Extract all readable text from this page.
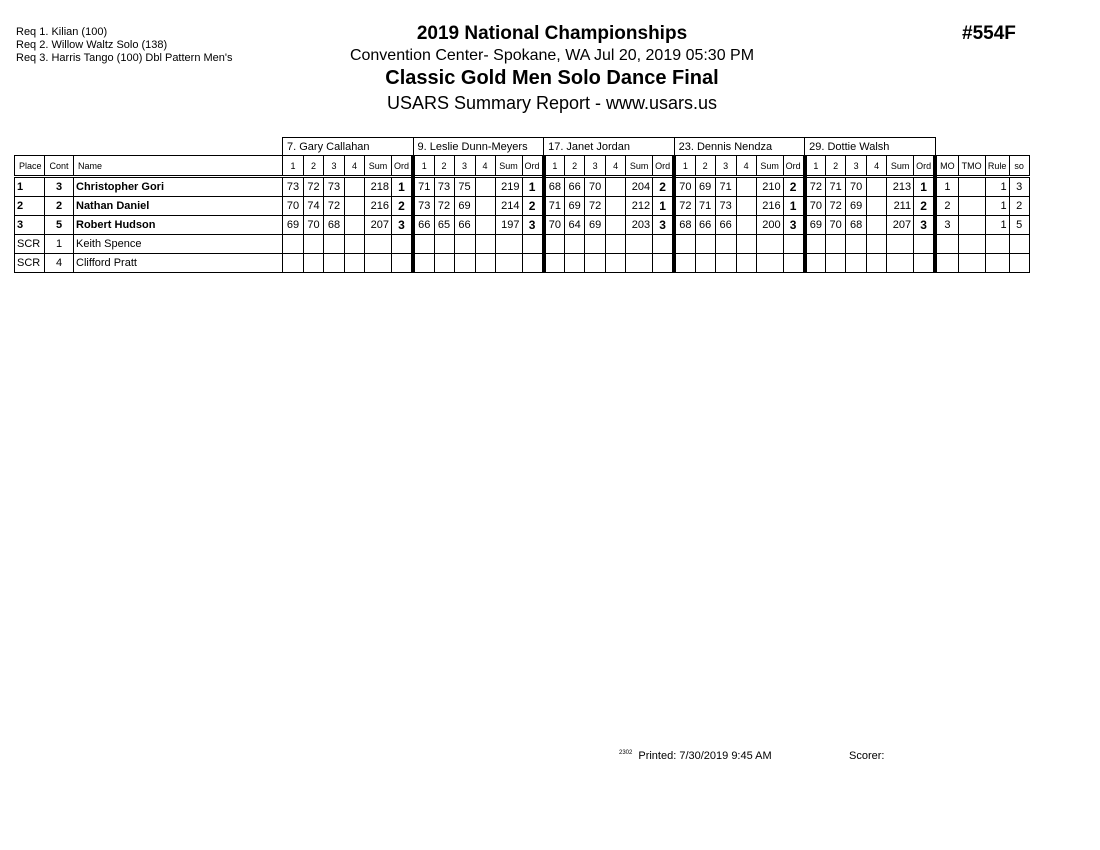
Req 1. Kilian (100)
Req 2. Willow Waltz Solo (138)
Req 3. Harris Tango (100) Dbl Pattern Men's
2019 National Championships
Convention Center- Spokane, WA Jul 20, 2019 05:30 PM
Classic Gold Men Solo Dance Final
USARS Summary Report - www.usars.us
#554F
			7. Gary Callahan						9. Leslie Dunn-Meyers						17. Janet Jordan						23. Dennis Nendza						29. Dottie Walsh									
Place	Cont	Name	1	2	3	4	Sum	Ord	1	2	3	4	Sum	Ord	1	2	3	4	Sum	Ord	1	2	3	4	Sum	Ord	1	2	3	4	Sum	Ord	MO	TMO	Rule	so
1	3	Christopher Gori	73	72	73		218	1	71	73	75		219	1	68	66	70		204	2	70	69	71		210	2	72	71	70		213	1	1		1	3
2	2	Nathan Daniel	70	74	72		216	2	73	72	69		214	2	71	69	72		212	1	72	71	73		216	1	70	72	69		211	2	2		1	2
3	5	Robert Hudson	69	70	68		207	3	66	65	66		197	3	70	64	69		203	3	68	66	66		200	3	69	70	68		207	3	3		1	5
SCR	1	Keith Spence																																		
SCR	4	Clifford Pratt																																		
$^{2302}$ Printed: 7/30/2019 9:45 AM	Scorer:
